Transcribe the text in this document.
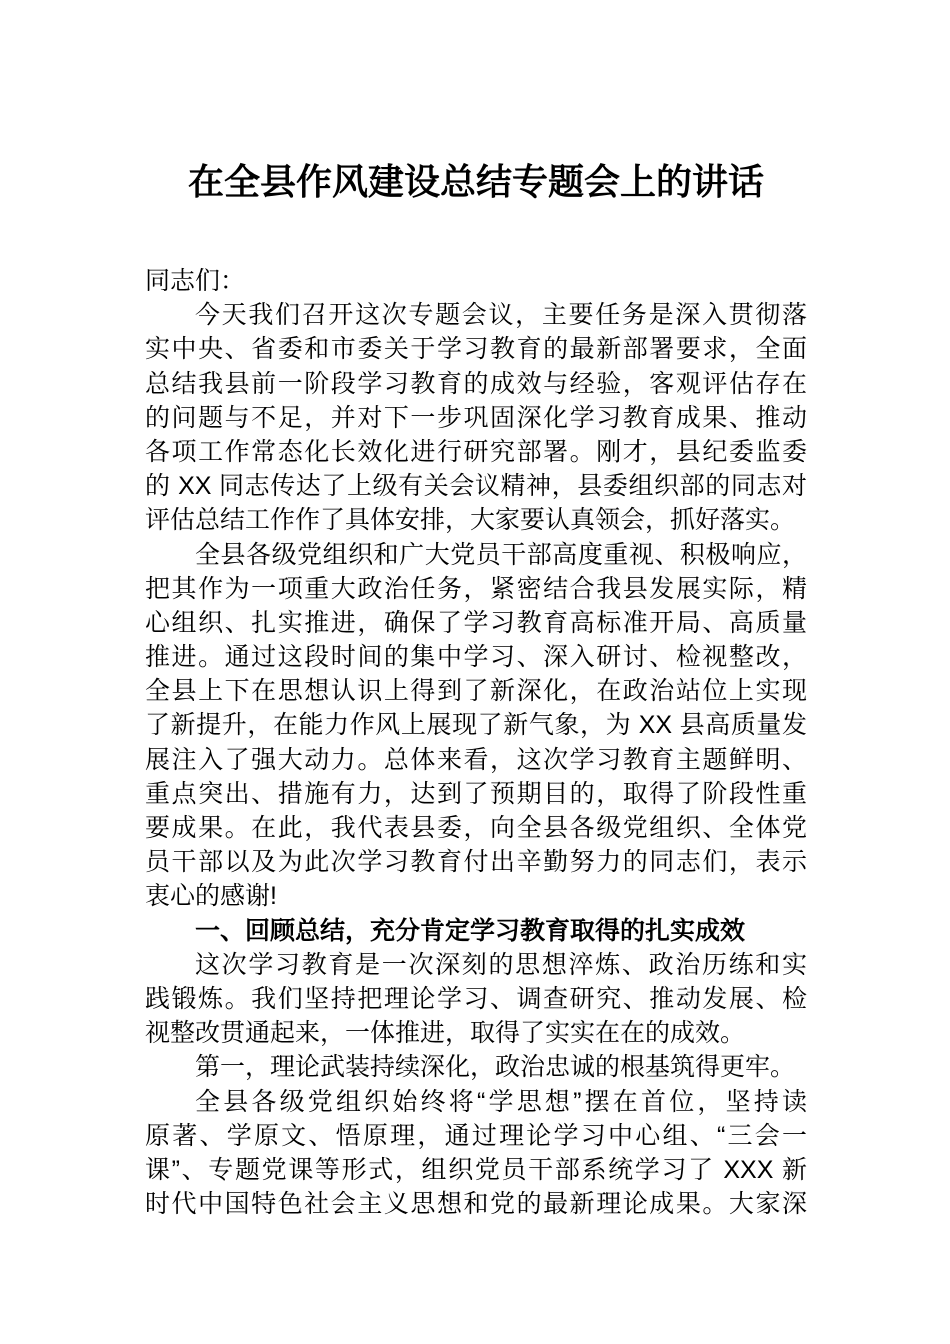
在全县作风建设总结专题会上的讲话
同志们：
今天我们召开这次专题会议，主要任务是深入贯彻落
实中央、省委和市委关于学习教育的最新部署要求，全面
总结我县前一阶段学习教育的成效与经验，客观评估存在
的问题与不足，并对下一步巩固深化学习教育成果、推动
各项工作常态化长效化进行研究部署。刚才，县纪委监委
的 XX 同志传达了上级有关会议精神，县委组织部的同志对
评估总结工作作了具体安排，大家要认真领会，抓好落实。
全县各级党组织和广大党员干部高度重视、积极响应，
把其作为一项重大政治任务，紧密结合我县发展实际，精
心组织、扎实推进，确保了学习教育高标准开局、高质量
推进。通过这段时间的集中学习、深入研讨、检视整改，
全县上下在思想认识上得到了新深化，在政治站位上实现
了新提升，在能力作风上展现了新气象，为 XX 县高质量发
展注入了强大动力。总体来看，这次学习教育主题鲜明、
重点突出、措施有力，达到了预期目的，取得了阶段性重
要成果。在此，我代表县委，向全县各级党组织、全体党
员干部以及为此次学习教育付出辛勤努力的同志们，表示
衷心的感谢!
一、回顾总结，充分肯定学习教育取得的扎实成效
这次学习教育是一次深刻的思想淬炼、政治历练和实
践锻炼。我们坚持把理论学习、调查研究、推动发展、检
视整改贯通起来，一体推进，取得了实实在在的成效。
第一，理论武装持续深化，政治忠诚的根基筑得更牢。
全县各级党组织始终将“学思想”摆在首位，坚持读
原著、学原文、悟原理，通过理论学习中心组、“三会一
课”、专题党课等形式，组织党员干部系统学习了 XXX 新
时代中国特色社会主义思想和党的最新理论成果。大家深
